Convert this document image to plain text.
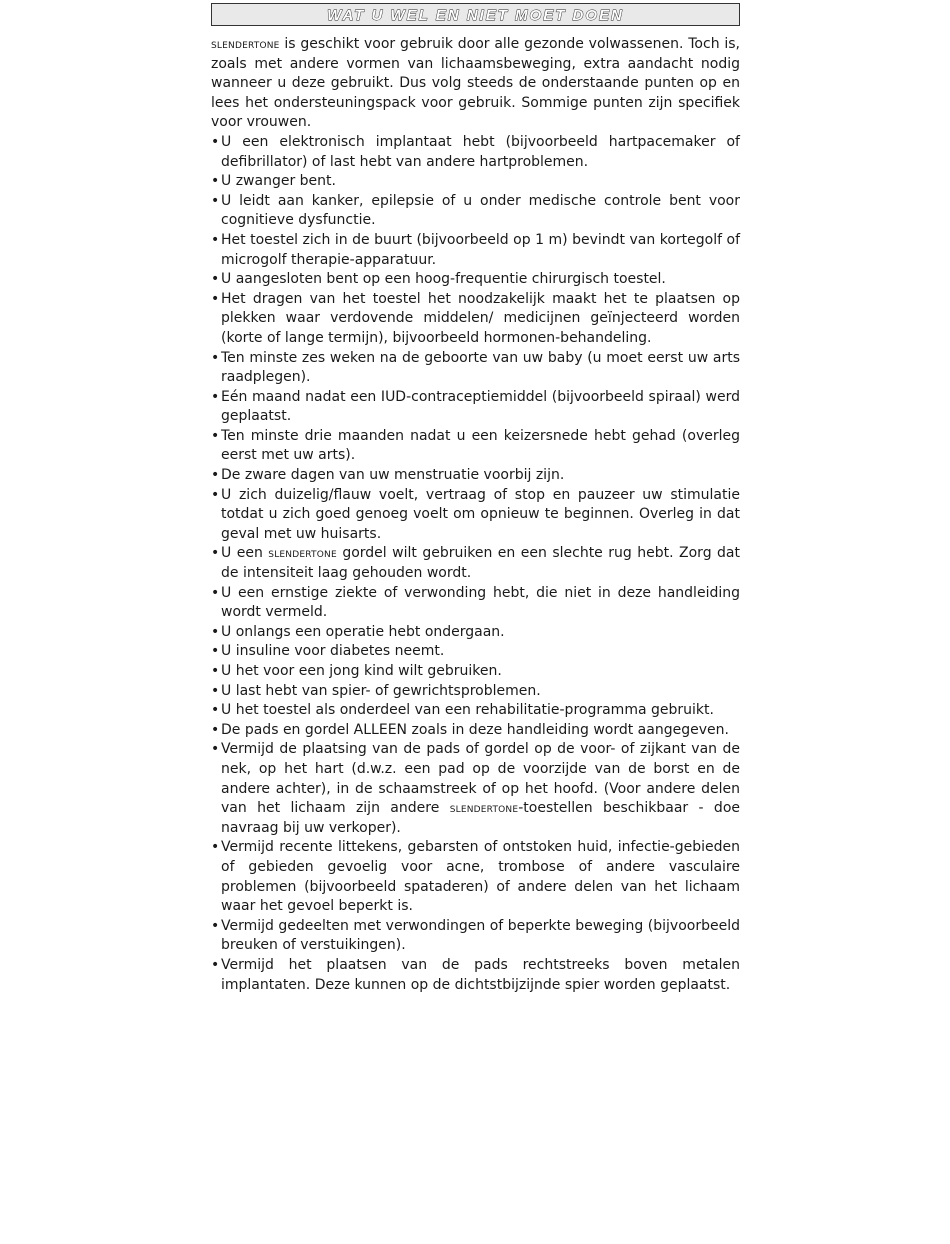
WAT U WEL EN NIET MOET DOEN

slendertone is geschikt voor gebruik door alle gezonde volwassenen. Toch is, zoals met andere vormen van lichaamsbeweging, extra aandacht nodig wanneer u deze gebruikt. Dus volg steeds de onderstaande punten op en lees het ondersteuningspack voor gebruik. Sommige punten zijn specifiek voor vrouwen.

• U een elektronisch implantaat hebt (bijvoorbeeld hartpacemaker of defibrillator) of last hebt van andere hartproblemen.
• U zwanger bent.
• U leidt aan kanker, epilepsie of u onder medische controle bent voor cognitieve dysfunctie.
• Het toestel zich in de buurt (bijvoorbeeld op 1 m) bevindt van kortegolf of microgolf therapie-apparatuur.
• U aangesloten bent op een hoog-frequentie chirurgisch toestel.
• Het dragen van het toestel het noodzakelijk maakt het te plaatsen op plekken waar verdovende middelen/ medicijnen geïnjecteerd worden (korte of lange termijn), bijvoorbeeld hormonen-behandeling.
• Ten minste zes weken na de geboorte van uw baby (u moet eerst uw arts raadplegen).
• Eén maand nadat een IUD-contraceptiemiddel (bijvoorbeeld spiraal) werd geplaatst.
• Ten minste drie maanden nadat u een keizersnede hebt gehad (overleg eerst met uw arts).
• De zware dagen van uw menstruatie voorbij zijn.
• U zich duizelig/flauw voelt, vertraag of stop en pauzeer uw stimulatie totdat u zich goed genoeg voelt om opnieuw te beginnen. Overleg in dat geval met uw huisarts.
• U een slendertone gordel wilt gebruiken en een slechte rug hebt. Zorg dat de intensiteit laag gehouden wordt.
• U een ernstige ziekte of verwonding hebt, die niet in deze handleiding wordt vermeld.
• U onlangs een operatie hebt ondergaan.
• U insuline voor diabetes neemt.
• U het voor een jong kind wilt gebruiken.
• U last hebt van spier- of gewrichtsproblemen.
• U het toestel als onderdeel van een rehabilitatie-programma gebruikt.
• De pads en gordel ALLEEN zoals in deze handleiding wordt aangegeven.
• Vermijd de plaatsing van de pads of gordel op de voor- of zijkant van de nek, op het hart (d.w.z. een pad op de voorzijde van de borst en de andere achter), in de schaamstreek of op het hoofd. (Voor andere delen van het lichaam zijn andere slendertone-toestellen beschikbaar - doe navraag bij uw verkoper).
• Vermijd recente littekens, gebarsten of ontstoken huid, infectie-gebieden of gebieden gevoelig voor acne, trombose of andere vasculaire problemen (bijvoorbeeld spataderen) of andere delen van het lichaam waar het gevoel beperkt is.
• Vermijd gedeelten met verwondingen of beperkte beweging (bijvoorbeeld breuken of verstuikingen).
• Vermijd het plaatsen van de pads rechtstreeks boven metalen implantaten. Deze kunnen op de dichtstbijzijnde spier worden geplaatst.
